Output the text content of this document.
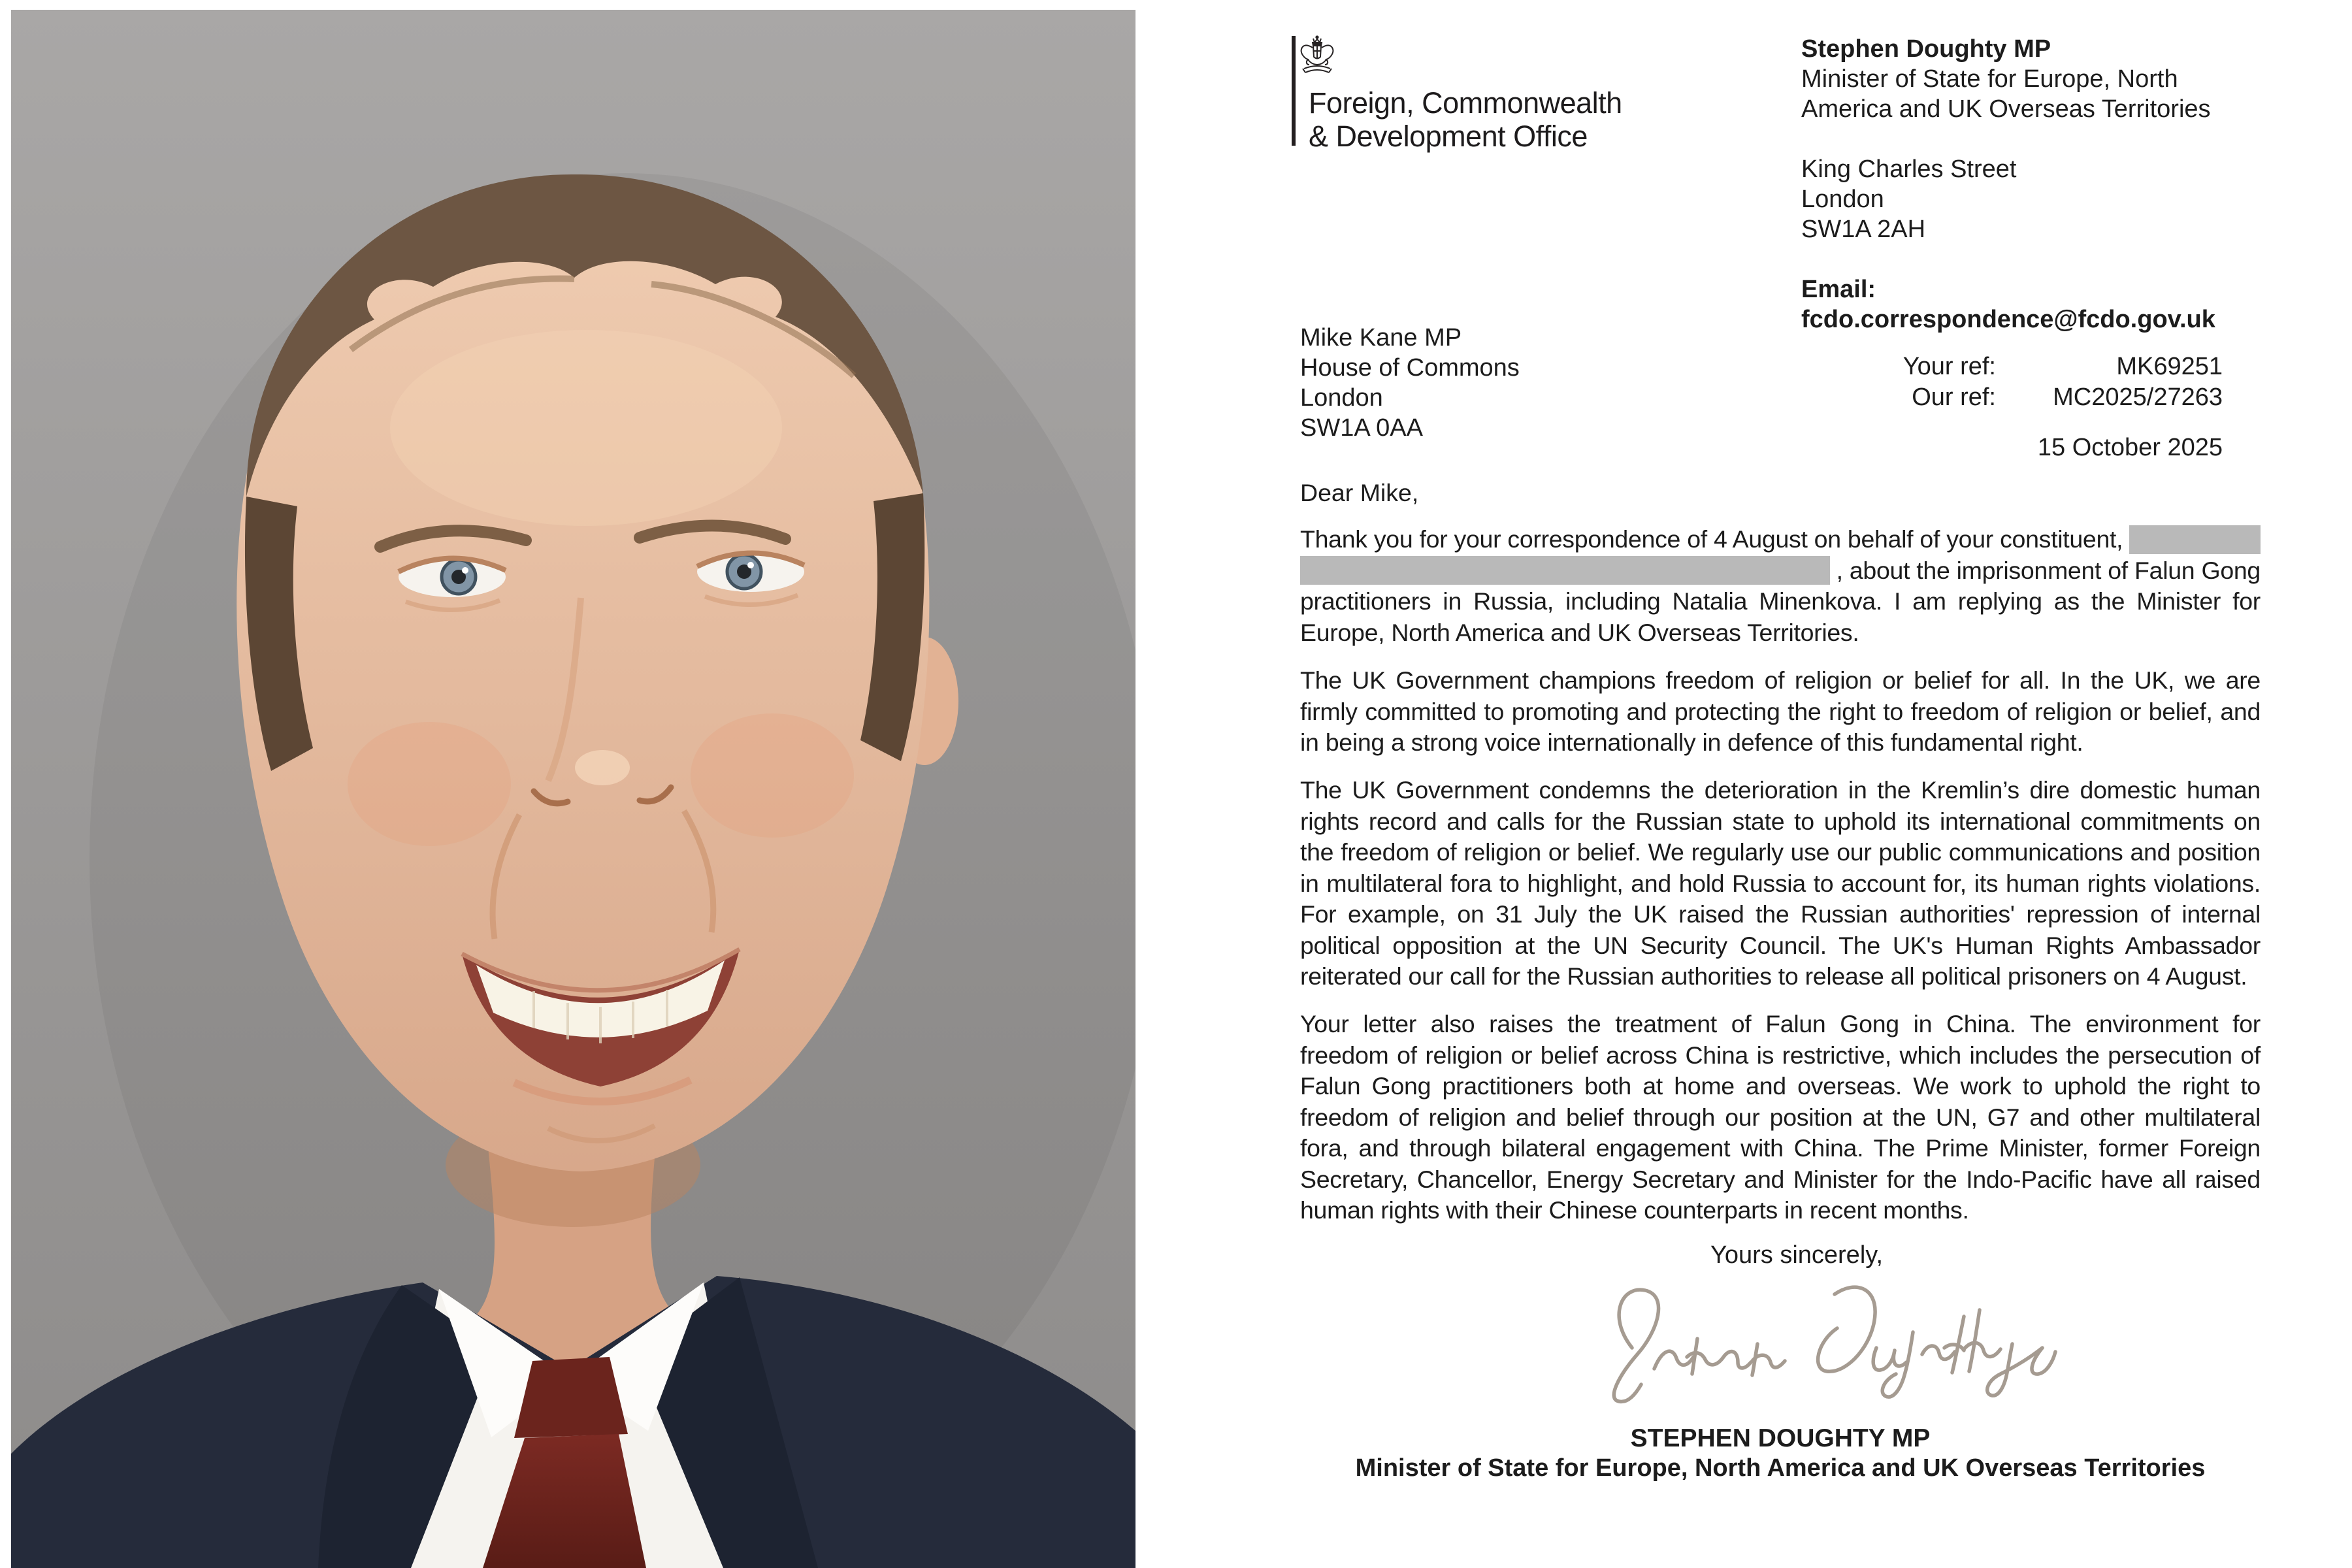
Foreign, Commonwealth
& Development Office
Stephen Doughty MP
Minister of State for Europe, North
America and UK Overseas Territories
King Charles Street
London
SW1A 2AH
Email:
fcdo.correspondence@fcdo.gov.uk
Mike Kane MP
House of Commons
London
SW1A 0AA
Your ref:	MK69251
Our ref:	MC2025/27263
15 October 2025
Dear Mike,
Thank you for your correspondence of 4 August on behalf of your constituent,
, about the imprisonment of Falun Gong
practitioners in Russia, including Natalia Minenkova. I am replying as the Minister for
Europe, North America and UK Overseas Territories.
The UK Government champions freedom of religion or belief for all. In the UK, we are
firmly committed to promoting and protecting the right to freedom of religion or belief, and
in being a strong voice internationally in defence of this fundamental right.
The UK Government condemns the deterioration in the Kremlin’s dire domestic human
rights record and calls for the Russian state to uphold its international commitments on
the freedom of religion or belief. We regularly use our public communications and position
in multilateral fora to highlight, and hold Russia to account for, its human rights violations.
For example, on 31 July the UK raised the Russian authorities' repression of internal
political opposition at the UN Security Council. The UK's Human Rights Ambassador
reiterated our call for the Russian authorities to release all political prisoners on 4 August.
Your letter also raises the treatment of Falun Gong in China. The environment for
freedom of religion or belief across China is restrictive, which includes the persecution of
Falun Gong practitioners both at home and overseas. We work to uphold the right to
freedom of religion and belief through our position at the UN, G7 and other multilateral
fora, and through bilateral engagement with China. The Prime Minister, former Foreign
Secretary, Chancellor, Energy Secretary and Minister for the Indo-Pacific have all raised
human rights with their Chinese counterparts in recent months.
Yours sincerely,
STEPHEN DOUGHTY MP
Minister of State for Europe, North America and UK Overseas Territories
